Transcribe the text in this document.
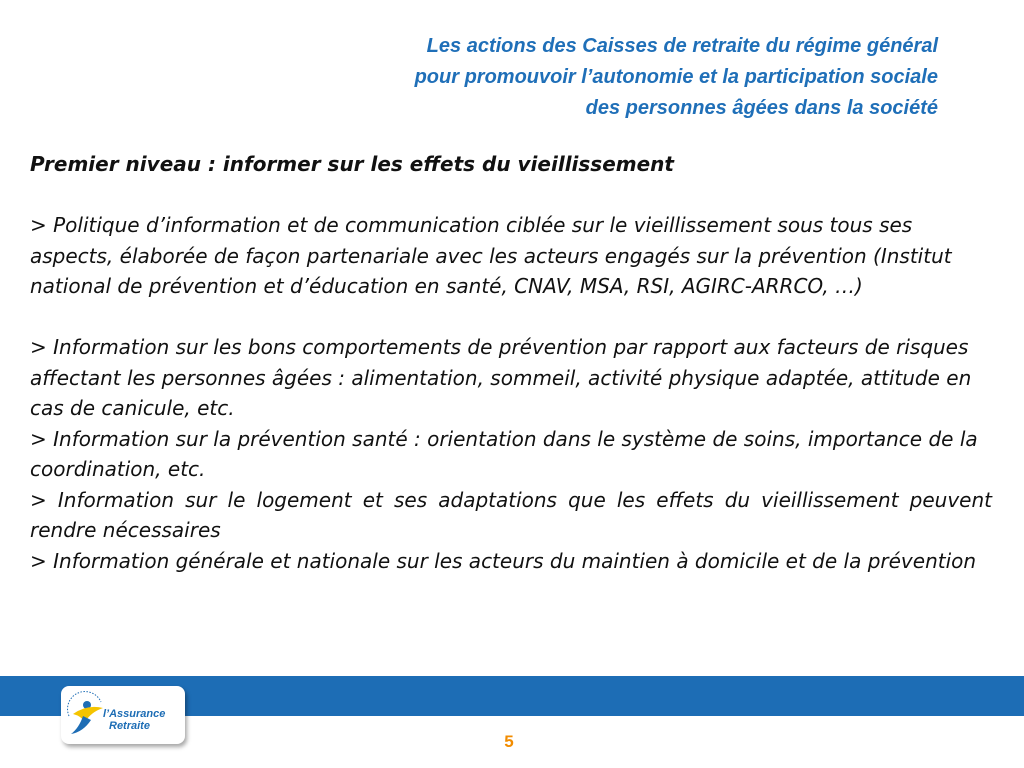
Les actions des Caisses de retraite du régime général
pour promouvoir l’autonomie et la participation sociale
des personnes âgées dans la société

Premier niveau : informer sur les effets du vieillissement

> Politique d’information et de communication ciblée sur le vieillissement sous tous ses aspects, élaborée de façon partenariale avec les acteurs engagés sur la prévention (Institut national de prévention et d’éducation en santé, CNAV, MSA, RSI, AGIRC-ARRCO, …)

> Information sur les bons comportements de prévention par rapport aux facteurs de risques affectant les personnes âgées : alimentation, sommeil, activité physique adaptée, attitude en cas de canicule, etc.

> Information sur la prévention santé : orientation dans le système de soins, importance de la coordination, etc.

> Information sur le logement et ses adaptations que les effets du vieillissement peuvent rendre nécessaires

> Information générale et nationale sur les acteurs du maintien à domicile et de la prévention

l’Assurance
Retraite
5
